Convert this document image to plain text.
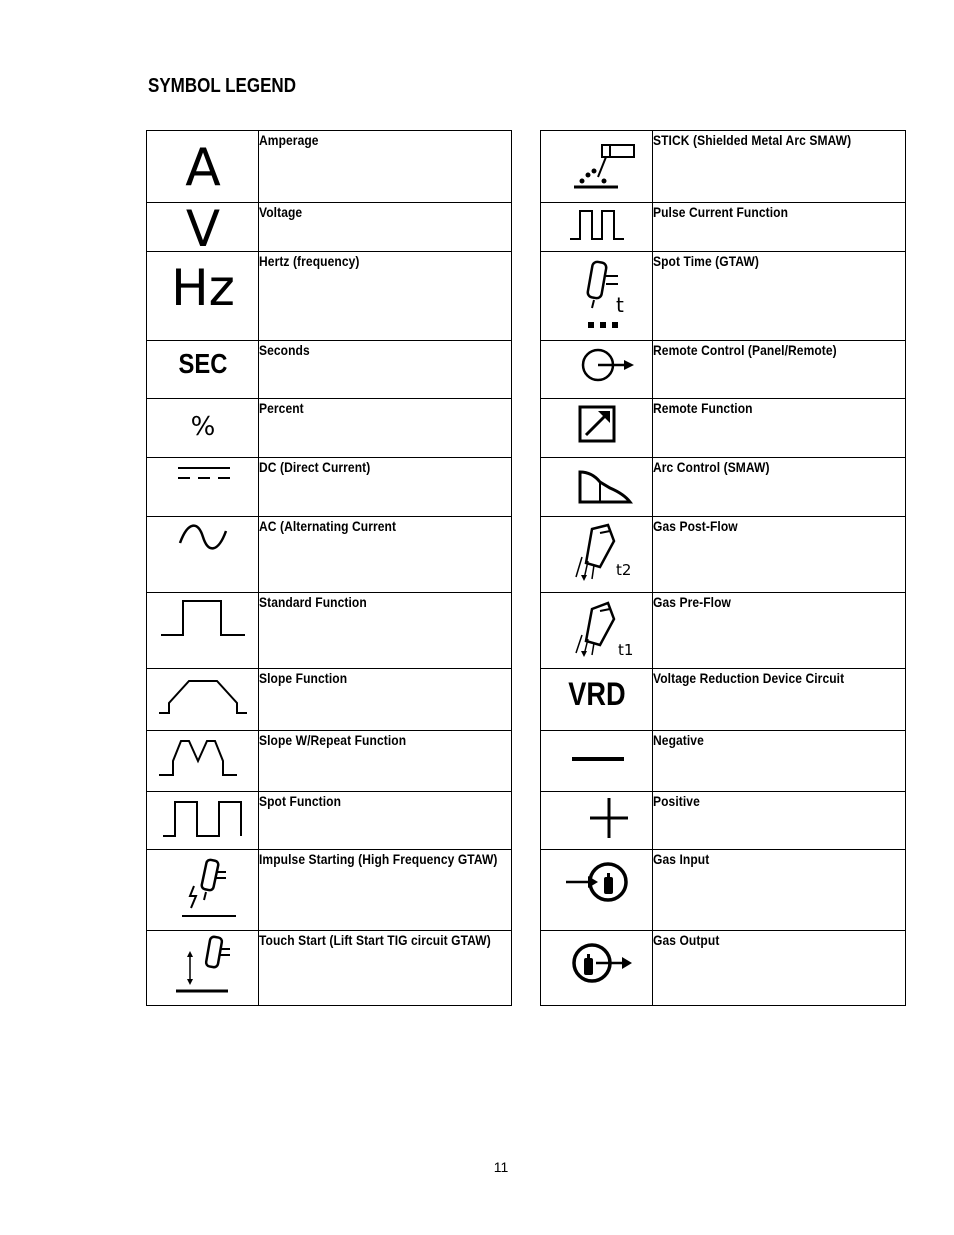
SYMBOL LEGEND
A	Amperage

V	Voltage

Hz	Hertz (frequency)

SEC	Seconds

%	Percent

	DC (Direct Current)

	AC (Alternating Current

	Standard Function

	Slope Function

	Slope W/Repeat Function

	Spot Function

	Impulse Starting (High Frequency GTAW)

	Touch Start (Lift Start TIG circuit GTAW)
	STICK (Shielded Metal Arc SMAW)

	Pulse Current Function

t	Spot Time (GTAW)

	Remote Control (Panel/Remote)

	Remote Function

	Arc Control (SMAW)

t2	Gas Post-Flow

t1	Gas Pre-Flow

VRD	Voltage Reduction Device Circuit

	Negative

	Positive

	Gas Input

	Gas Output
11
